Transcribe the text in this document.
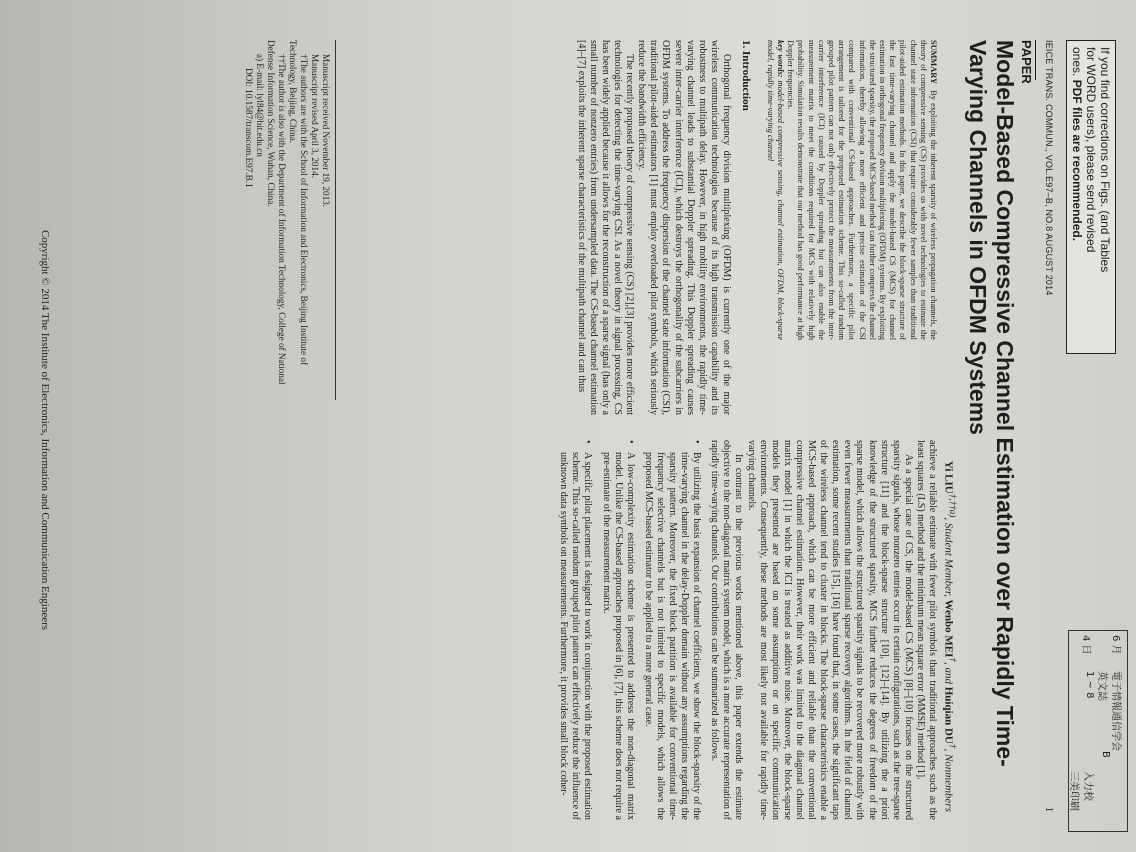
If you find corrections on Figs. (and Tables
for WORD users), please send revised
ones. PDF files are recommended.
6 月
電子情報通信学会
英文誌
B
4 日
1 ~ 8
入力校
三美印刷
IEICE TRANS. COMMUN., VOL.E97–B, NO.8 AUGUST 2014
1
PAPER
Model-Based Compressive Channel Estimation over Rapidly Time-Varying Channels in OFDM Systems
Yi $LIU^{\dagger,\dagger\dagger a)}$, Student Member, Wenbo MEI†, and Huiqian DU†, Nonmembers
SUMMARY  By exploiting the inherent sparsity of wireless propagation channels, the theory of compressive sensing (CS) provides us with novel technologies to estimate the channel state information (CSI) that require considerably fewer samples than traditional pilot-aided estimation methods. In this paper, we describe the block-sparse structure of the fast time-varying channel and apply the model-based CS (MCS) for channel estimation in orthogonal frequency division multiplexing (OFDM) systems. By exploiting the structured sparsity, the proposed MCS-based method can further compress the channel information, thereby allowing a more efficient and precise estimation of the CSI compared with conventional CS-based approaches. Furthermore, a specific pilot arrangement is tailored for the proposed estimation scheme. This so-called random grouped pilot pattern can not only effectively protect the measurements from the inter-carrier interference (ICI) caused by Doppler spreading but can also enable the measurement matrix to meet the conditions required for MCS with relatively high probability. Simulation results demonstrate that our method has good performance at high Doppler frequencies.
key words: model-based compressive sensing, channel estimation, OFDM, block-sparse model, rapidly time-varying channel
1. Introduction

Orthogonal frequency division multiplexing (OFDM) is currently one of the major wireless communication technologies because of its high transmission capability and its robustness to multipath delay. However, in high mobility environments, the rapidly time-varying channel leads to substantial Doppler spreading. This Doppler spreading causes severe inter-carrier interference (ICI), which destroys the orthogonality of the subcarriers in OFDM systems. To address the frequency dispersion of the channel state information (CSI), traditional pilot-aided estimators [1] must employ overloaded pilot symbols, which seriously reduce the bandwidth efficiency.

The recently proposed theory of compressive sensing (CS) [2],[3] provides more efficient technologies for detecting the time-varying CSI. As a novel theory in signal processing, CS has been widely applied because it allows for the reconstruction of a sparse signal (has only a small number of nonzero entries) from undersampled data. The CS-based channel estimation [4]–[7] exploits the inherent sparse characteristics of the multipath channel and can thus

achieve a reliable estimate with fewer pilot symbols than traditional approaches such as the least squares (LS) method and the minimum mean square error (MMSE) method [1].

As a special case of CS, the model-based CS (MCS) [8]–[10] focuses on the structured sparsity signals, whose nonzero entries occur in certain configurations, such as the tree-sparse structure [11] and the block-sparse structure [10], [12]–[14]. By utilizing the a priori knowledge of the structured sparsity, MCS further reduces the degrees of freedom of the sparse model, which allows the structured sparsity signals to be recovered more robustly with even fewer measurements than traditional sparse recovery algorithms. In the field of channel estimation, some recent studies [15], [16] have found that, in some cases, the significant taps of the wireless channel tend to cluster in blocks. The block-sparse characteristics enable a MCS-based approach, which can be more efficient and reliable than the conventional compressive channel estimation. However, their work was limited to the diagonal channel matrix model [1] in which the ICI is treated as additive noise. Moreover, the block-sparse models they presented are based on some assumptions or on specific communication environments. Consequently, these methods are most likely not available for rapidly time-varying channels.

In contrast to the previous works mentioned above, this paper extends the estimate objective to the non-diagonal matrix system model, which is a more accurate representation of rapidly time-varying channels. Our contributions can be summarized as follows.

• By utilizing the basis expansion of channel coefficients, we show the block-sparsity of the time-varying channel in the delay-Doppler domain without any assumptions regarding the sparsity pattern. Moreover, the fixed block partition is available for conventional time-frequency selective channels but is not limited to specific models, which allows the proposed MCS-based estimator to be applied to a more general case.

• A low-complexity estimation scheme is presented to address the non-diagonal matrix model. Unlike the CS-based approaches proposed in [6], [7], this scheme does not require a pre-estimate of the measurement matrix.

• A specific pilot placement is designed to work in conjunction with the proposed estimation scheme. This so-called random grouped pilot pattern can effectively reduce the influence of unknown data symbols on measurements. Furthermore, it provides small block coher-

Manuscript received November 19, 2013.

Manuscript revised April 3, 2014.

†The authors are with the School of Information and Electronics, Beijing Institute of Technology, Beijing, China.

††The author is also with the Department of Information Technology, College of National Defense Information Science, Wuhan, China.

a) E-mail: lyl84@bit.edu.cn

DOI: 10.1587/transcom.E97.B.1

Copyright © 2014 The Institute of Electronics, Information and Communication Engineers
